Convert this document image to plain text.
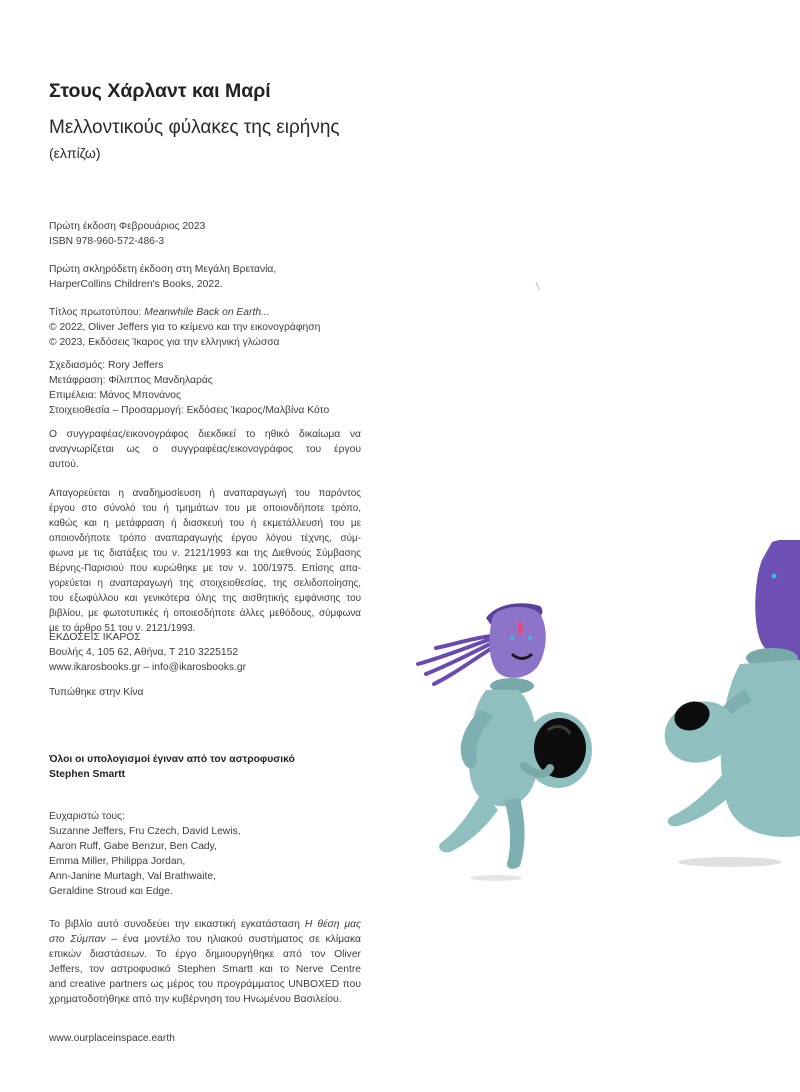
Στους Χάρλαντ και Μαρί
Μελλοντικούς φύλακες της ειρήνης
(ελπίζω)
Πρώτη έκδοση Φεβρουάριος 2023
ISBN 978-960-572-486-3
Πρώτη σκληρόδετη έκδοση στη Μεγάλη Βρετανία,
HarperCollins Children's Books, 2022.
Τίτλος πρωτοτύπου: Meanwhile Back on Earth...
© 2022, Oliver Jeffers για το κείμενο και την εικονογράφηση
© 2023, Εκδόσεις Ίκαρος για την ελληνική γλώσσα
Σχεδιασμός: Rory Jeffers
Μετάφραση: Φίλιππος Μανδηλαράς
Επιμέλεια: Μάνος Μπονάνος
Στοιχειοθεσία – Προσαρμογή: Εκδόσεις Ίκαρος/Μαλβίνα Κότο
Ο συγγραφέας/εικονογράφος διεκδικεί το ηθικό δικαίωμα να
αναγνωρίζεται ως ο συγγραφέας/εικονογράφος του έργου
αυτού.
Απαγορεύεται η αναδημοσίευση ή αναπαραγωγή του παρόντος
έργου στο σύνολό του ή τμημάτων του με οποιονδήποτε τρόπο,
καθώς και η μετάφραση ή διασκευή του ή εκμετάλλευσή του με
οποιονδήποτε τρόπο αναπαραγωγής έργου λόγου τέχνης, σύμ-
φωνα με τις διατάξεις του ν. 2121/1993 και της Διεθνούς Σύμβασης
Βέρνης-Παρισιού που κυρώθηκε με τον ν. 100/1975. Επίσης απα-
γορεύεται η αναπαραγωγή της στοιχειοθεσίας, της σελιδοποίησης,
του εξωφύλλου και γενικότερα όλης της αισθητικής εμφάνισης του
βιβλίου, με φωτοτυπικές ή οποιεσδήποτε άλλες μεθόδους, σύμφωνα
με το άρθρο 51 του ν. 2121/1993.
ΕΚΔΟΣΕΙΣ ΙΚΑΡΟΣ
Βουλής 4, 105 62, Αθήνα, Τ 210 3225152
www.ikarosbooks.gr – info@ikarosbooks.gr
Τυπώθηκε στην Κίνα
Όλοι οι υπολογισμοί έγιναν από τον αστροφυσικό
Stephen Smartt
Ευχαριστώ τους:
Suzanne Jeffers, Fru Czech, David Lewis,
Aaron Ruff, Gabe Benzur, Ben Cady,
Emma Miller, Philippa Jordan,
Ann-Janine Murtagh, Val Brathwaite,
Geraldine Stroud και Edge.
Το βιβλίο αυτό συνοδεύει την εικαστική εγκατάσταση Η θέση μας
στο Σύμπαν – ένα μοντέλο του ηλιακού συστήματος σε κλίμακα
επικών διαστάσεων. Το έργο δημιουργήθηκε από τον Oliver
Jeffers, τον αστροφυσικό Stephen Smartt και το Nerve Centre
and creative partners ως μέρος του προγράμματος UNBOXED που
χρηματοδοτήθηκε από την κυβέρνηση του Ηνωμένου Βασιλείου.
www.ourplaceinspace.earth
